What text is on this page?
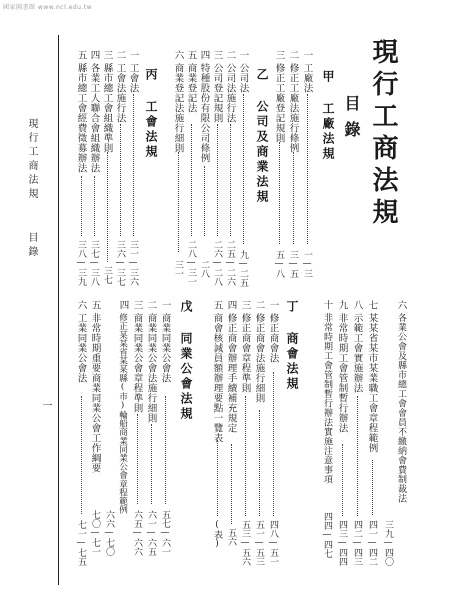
國家圖書館 www.ncl.edu.tw
現行工商法規
目錄
甲 工廠法規
乙 公司及商業法規
丙 工會法規
丁 商會法規
戊 同業公會法規
一
工廠法
一—三
二
修正工廠法施行條例
三—五
三
修正工廠登記規則
五—八
一
公司法
九—二五
二
公司法施行法
二五—二六
三
公司登記規則
二六—二八
四
特種股份有限公司條例
二八
五
商業登記法
二八—三一
六
商業登記法施行細則
三一
一
工會法
三一—三六
二
工會法施行法
三六—三七
三
縣市總工會組織準則
三七
四
各業工人聯合會組織辦法
三七—三八
五
縣市總工會經費徵募辦法
三八—三九
六
各業公會及縣市總工會會員不繳納會費制裁法
三九—四〇
七
某某省某市某業職工會章程範例
四一—四二
八
示範工會實施辦法
四二—四三
九
非常時期工會管制暫行辦法
四三—四四
十
非常時期工會管制暫行辦法實施注意事項
四四—四七
一
修正商會法
四八—五一
二
修正商會法施行細則
五一—五三
三
修正商會章程準則
五三—五六
四
修正商會辦理手續補充規定
五六
五
商會核減員額辦理要點一覽表
(表)
一
商業同業公會法
五七—六一
二
商業同業公會法施行細則
六一—六五
三
商業同業公會章程準則
六五—六六
四
修正某某省某某縣(市)輪船商業同業公會章程範例
六六—七〇
五
非常時期重要商業同業公會工作綱要
七〇—七一
六
工業同業公會法
七一—七五
現行工商法規
目錄
一
